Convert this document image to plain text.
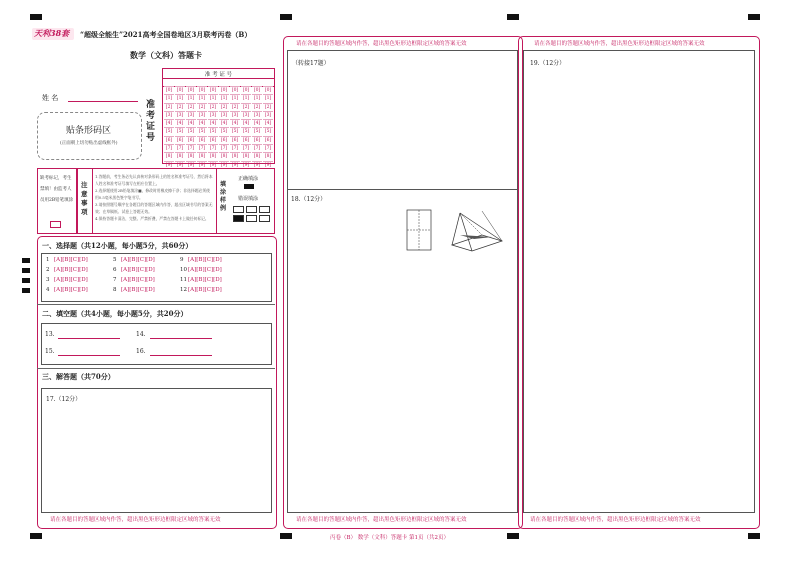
天利38套 “超级全能生”2021高考全国卷地区3月联考丙卷（B）
数学（文科）答题卡
姓 名
贴条形码区
(正面朝上切勿贴出虚线框外)
准考证号
准 考 证 号
[0]
[1]
[2]
[3]
[4]
[5]
[6]
[7]
[8]
[9]
[0]
[1]
[2]
[3]
[4]
[5]
[6]
[7]
[8]
[9]
[0]
[1]
[2]
[3]
[4]
[5]
[6]
[7]
[8]
[9]
[0]
[1]
[2]
[3]
[4]
[5]
[6]
[7]
[8]
[9]
[0]
[1]
[2]
[3]
[4]
[5]
[6]
[7]
[8]
[9]
[0]
[1]
[2]
[3]
[4]
[5]
[6]
[7]
[8]
[9]
[0]
[1]
[2]
[3]
[4]
[5]
[6]
[7]
[8]
[9]
[0]
[1]
[2]
[3]
[4]
[5]
[6]
[7]
[8]
[9]
[0]
[1]
[2]
[3]
[4]
[5]
[6]
[7]
[8]
[9]
[0]
[1]
[2]
[3]
[4]
[5]
[6]
[7]
[8]
[9]
缺考标记，考生禁填！由监考人员用2B铅笔填涂
注意事项
1.答题前，考生务必先认真核对条形码上的姓名和准考证号，然后将本人姓名和准考证号填写在相应位置上。
2.选择题使用2B铅笔填涂■，修改时用橡皮擦干净；非选择题必须使用0.5毫米黑色签字笔书写。
3.请按照题号顺序在各题目的答题区域内作答，超出区域书写的答案无效；在草稿纸、试卷上答题无效。
4.保持答题卡清洁，完整。严禁折叠，严禁在答题卡上做任何标记。
填涂样例
正确填涂
错误填涂
一、选择题（共12小题，每小题5分，共60分）
1 [A][B][C][D]
2 [A][B][C][D]
3 [A][B][C][D]
4 [A][B][C][D]
5 [A][B][C][D]
6 [A][B][C][D]
7 [A][B][C][D]
8 [A][B][C][D]
9 [A][B][C][D]
10[A][B][C][D]
11[A][B][C][D]
12[A][B][C][D]
二、填空题（共4小题，每小题5分，共20分）
13.	14.
15.	16.
三、解答题（共70分）
17.（12分）
请在各题目的答题区域内作答，超出黑色矩形边框限定区域的答案无效
请在各题目的答题区域内作答，超出黑色矩形边框限定区域的答案无效
（转接17题）
18.（12分）
请在各题目的答题区域内作答，超出黑色矩形边框限定区域的答案无效
请在各题目的答题区域内作答，超出黑色矩形边框限定区域的答案无效
19.（12分）
请在各题目的答题区域内作答，超出黑色矩形边框限定区域的答案无效
丙卷（B） 数学（文科）答题卡 第1页（共2页）
